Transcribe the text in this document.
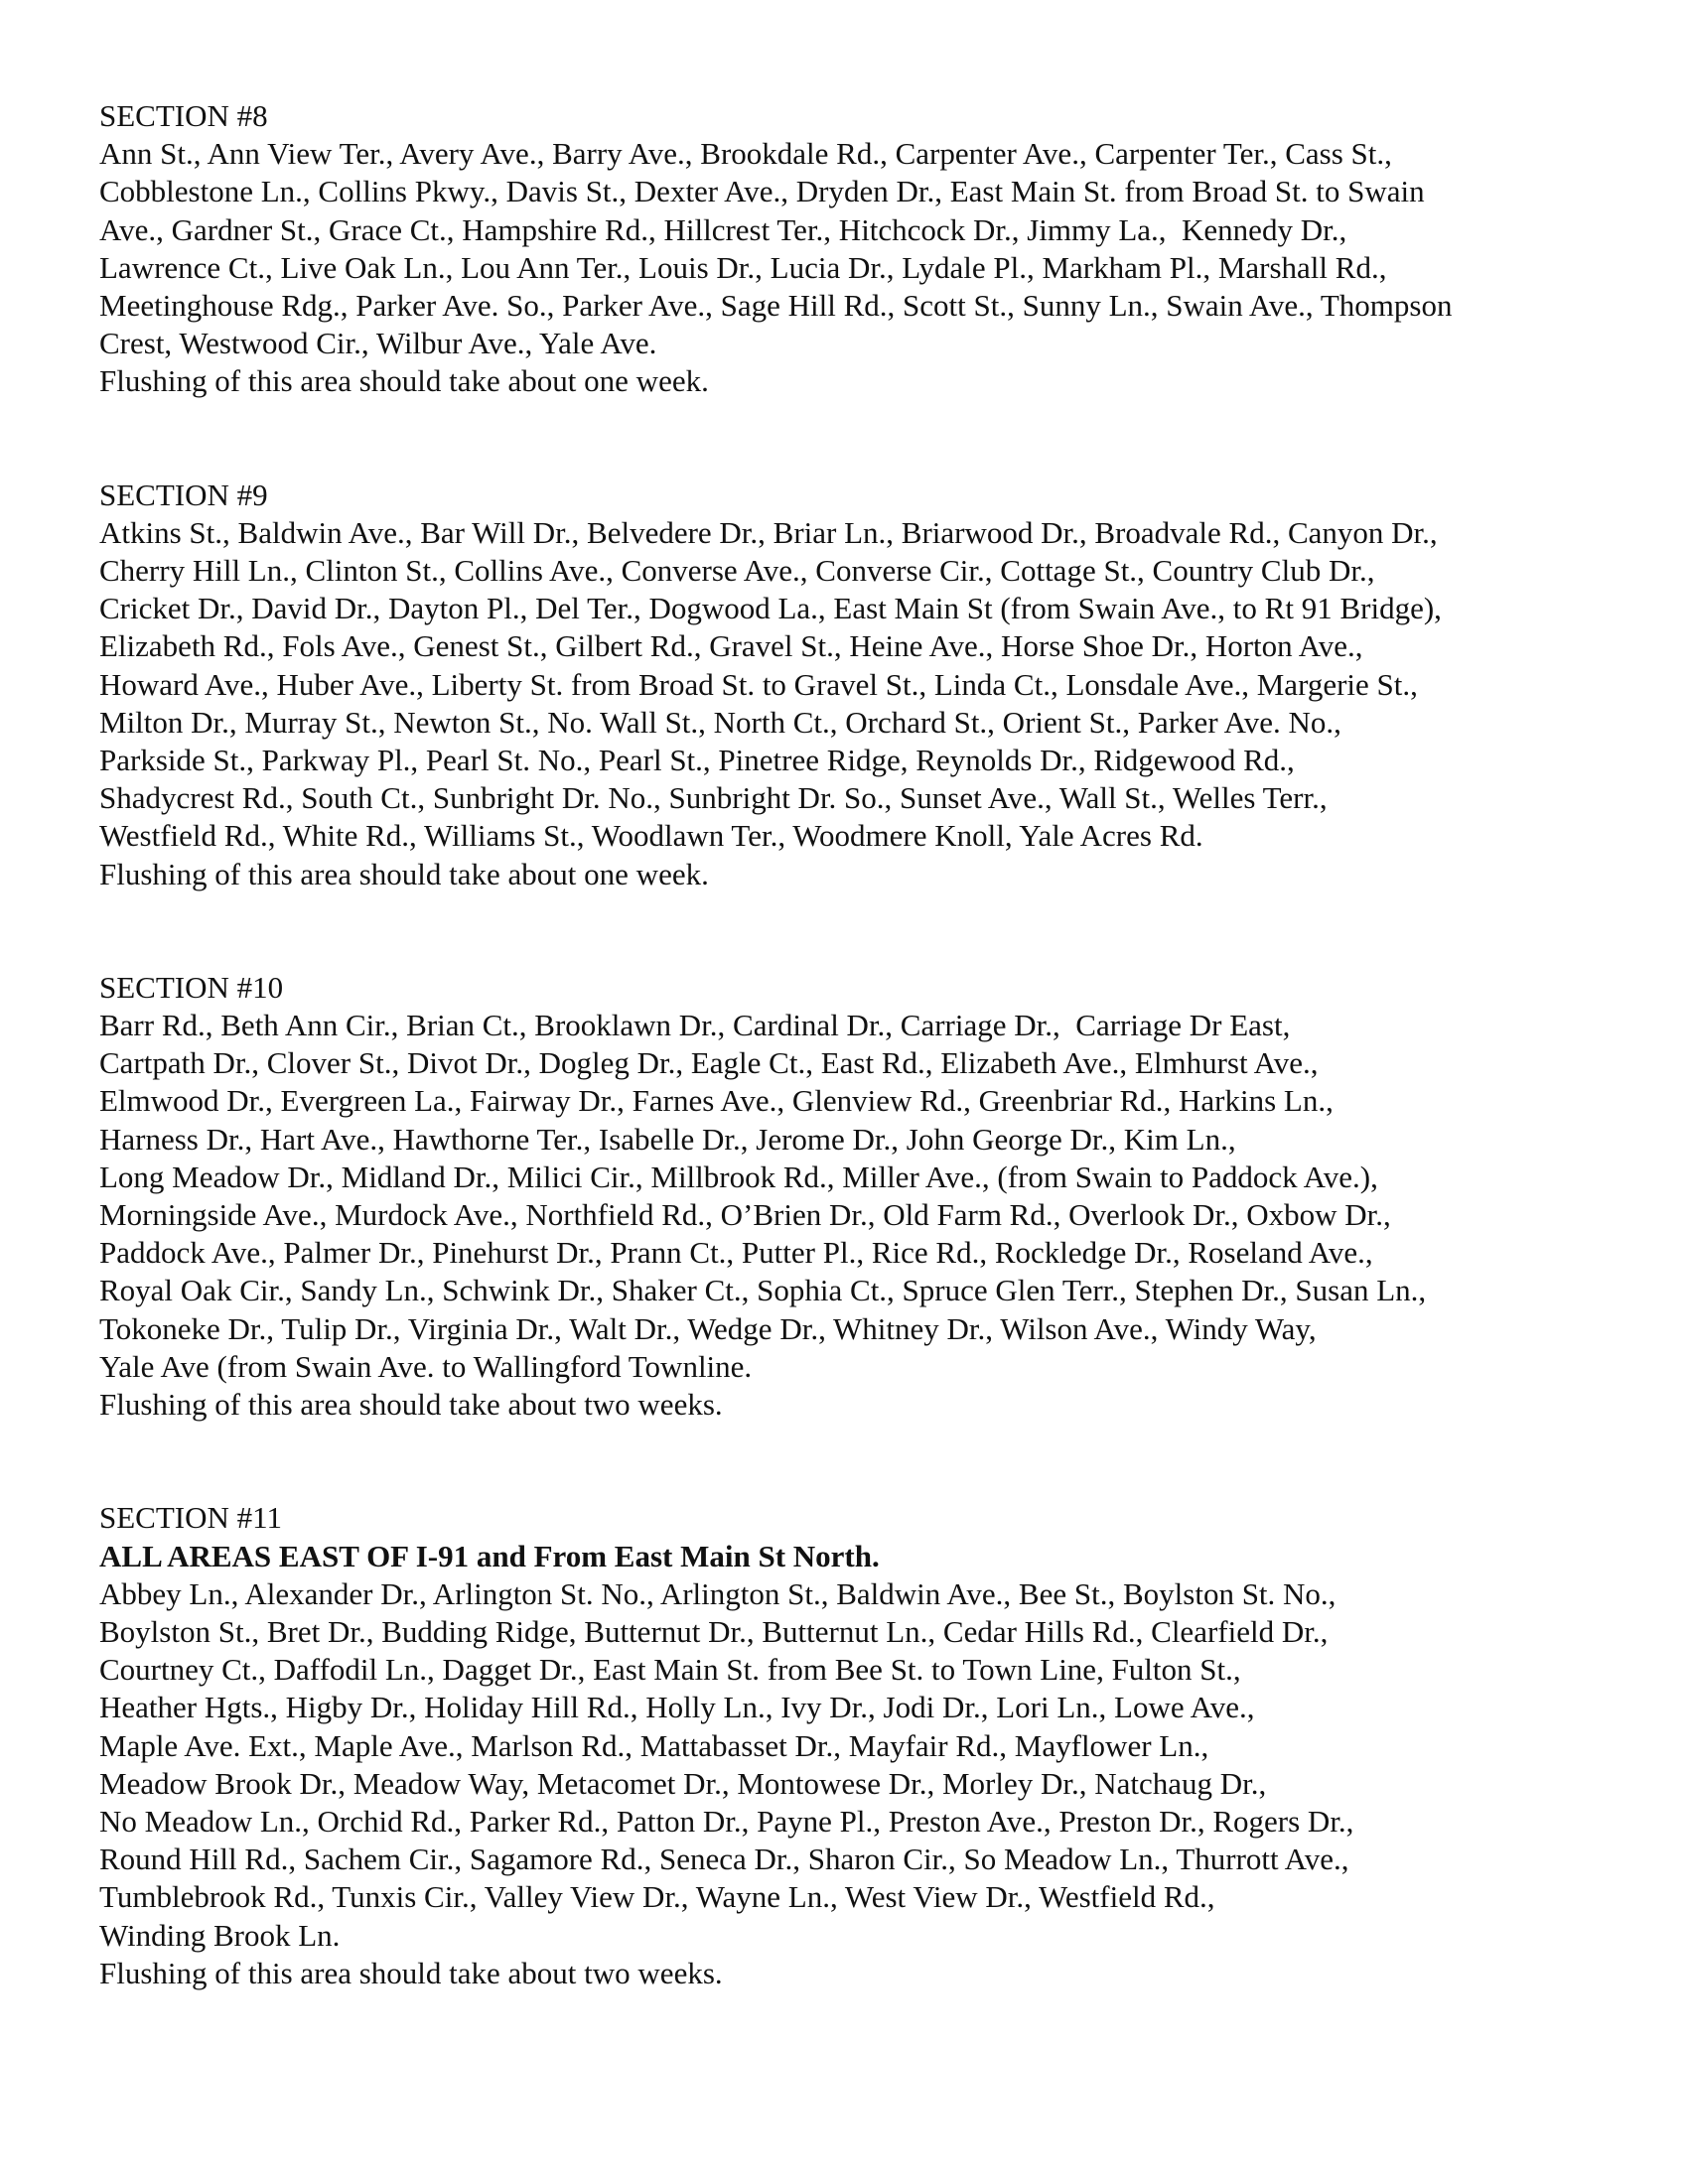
SECTION #8
Ann St., Ann View Ter., Avery Ave., Barry Ave., Brookdale Rd., Carpenter Ave., Carpenter Ter., Cass St.,
Cobblestone Ln., Collins Pkwy., Davis St., Dexter Ave., Dryden Dr., East Main St. from Broad St. to Swain
Ave., Gardner St., Grace Ct., Hampshire Rd., Hillcrest Ter., Hitchcock Dr., Jimmy La.,  Kennedy Dr.,
Lawrence Ct., Live Oak Ln., Lou Ann Ter., Louis Dr., Lucia Dr., Lydale Pl., Markham Pl., Marshall Rd.,
Meetinghouse Rdg., Parker Ave. So., Parker Ave., Sage Hill Rd., Scott St., Sunny Ln., Swain Ave., Thompson
Crest, Westwood Cir., Wilbur Ave., Yale Ave.
Flushing of this area should take about one week.
SECTION #9
Atkins St., Baldwin Ave., Bar Will Dr., Belvedere Dr., Briar Ln., Briarwood Dr., Broadvale Rd., Canyon Dr.,
Cherry Hill Ln., Clinton St., Collins Ave., Converse Ave., Converse Cir., Cottage St., Country Club Dr.,
Cricket Dr., David Dr., Dayton Pl., Del Ter., Dogwood La., East Main St (from Swain Ave., to Rt 91 Bridge),
Elizabeth Rd., Fols Ave., Genest St., Gilbert Rd., Gravel St., Heine Ave., Horse Shoe Dr., Horton Ave.,
Howard Ave., Huber Ave., Liberty St. from Broad St. to Gravel St., Linda Ct., Lonsdale Ave., Margerie St.,
Milton Dr., Murray St., Newton St., No. Wall St., North Ct., Orchard St., Orient St., Parker Ave. No.,
Parkside St., Parkway Pl., Pearl St. No., Pearl St., Pinetree Ridge, Reynolds Dr., Ridgewood Rd.,
Shadycrest Rd., South Ct., Sunbright Dr. No., Sunbright Dr. So., Sunset Ave., Wall St., Welles Terr.,
Westfield Rd., White Rd., Williams St., Woodlawn Ter., Woodmere Knoll, Yale Acres Rd.
Flushing of this area should take about one week.
SECTION #10
Barr Rd., Beth Ann Cir., Brian Ct., Brooklawn Dr., Cardinal Dr., Carriage Dr.,  Carriage Dr East,
Cartpath Dr., Clover St., Divot Dr., Dogleg Dr., Eagle Ct., East Rd., Elizabeth Ave., Elmhurst Ave.,
Elmwood Dr., Evergreen La., Fairway Dr., Farnes Ave., Glenview Rd., Greenbriar Rd., Harkins Ln.,
Harness Dr., Hart Ave., Hawthorne Ter., Isabelle Dr., Jerome Dr., John George Dr., Kim Ln.,
Long Meadow Dr., Midland Dr., Milici Cir., Millbrook Rd., Miller Ave., (from Swain to Paddock Ave.),
Morningside Ave., Murdock Ave., Northfield Rd., O’Brien Dr., Old Farm Rd., Overlook Dr., Oxbow Dr.,
Paddock Ave., Palmer Dr., Pinehurst Dr., Prann Ct., Putter Pl., Rice Rd., Rockledge Dr., Roseland Ave.,
Royal Oak Cir., Sandy Ln., Schwink Dr., Shaker Ct., Sophia Ct., Spruce Glen Terr., Stephen Dr., Susan Ln.,
Tokoneke Dr., Tulip Dr., Virginia Dr., Walt Dr., Wedge Dr., Whitney Dr., Wilson Ave., Windy Way,
Yale Ave (from Swain Ave. to Wallingford Townline.
Flushing of this area should take about two weeks.
SECTION #11
ALL AREAS EAST OF I-91 and From East Main St North.
Abbey Ln., Alexander Dr., Arlington St. No., Arlington St., Baldwin Ave., Bee St., Boylston St. No.,
Boylston St., Bret Dr., Budding Ridge, Butternut Dr., Butternut Ln., Cedar Hills Rd., Clearfield Dr.,
Courtney Ct., Daffodil Ln., Dagget Dr., East Main St. from Bee St. to Town Line, Fulton St.,
Heather Hgts., Higby Dr., Holiday Hill Rd., Holly Ln., Ivy Dr., Jodi Dr., Lori Ln., Lowe Ave.,
Maple Ave. Ext., Maple Ave., Marlson Rd., Mattabasset Dr., Mayfair Rd., Mayflower Ln.,
Meadow Brook Dr., Meadow Way, Metacomet Dr., Montowese Dr., Morley Dr., Natchaug Dr.,
No Meadow Ln., Orchid Rd., Parker Rd., Patton Dr., Payne Pl., Preston Ave., Preston Dr., Rogers Dr.,
Round Hill Rd., Sachem Cir., Sagamore Rd., Seneca Dr., Sharon Cir., So Meadow Ln., Thurrott Ave.,
Tumblebrook Rd., Tunxis Cir., Valley View Dr., Wayne Ln., West View Dr., Westfield Rd.,
Winding Brook Ln.
Flushing of this area should take about two weeks.
